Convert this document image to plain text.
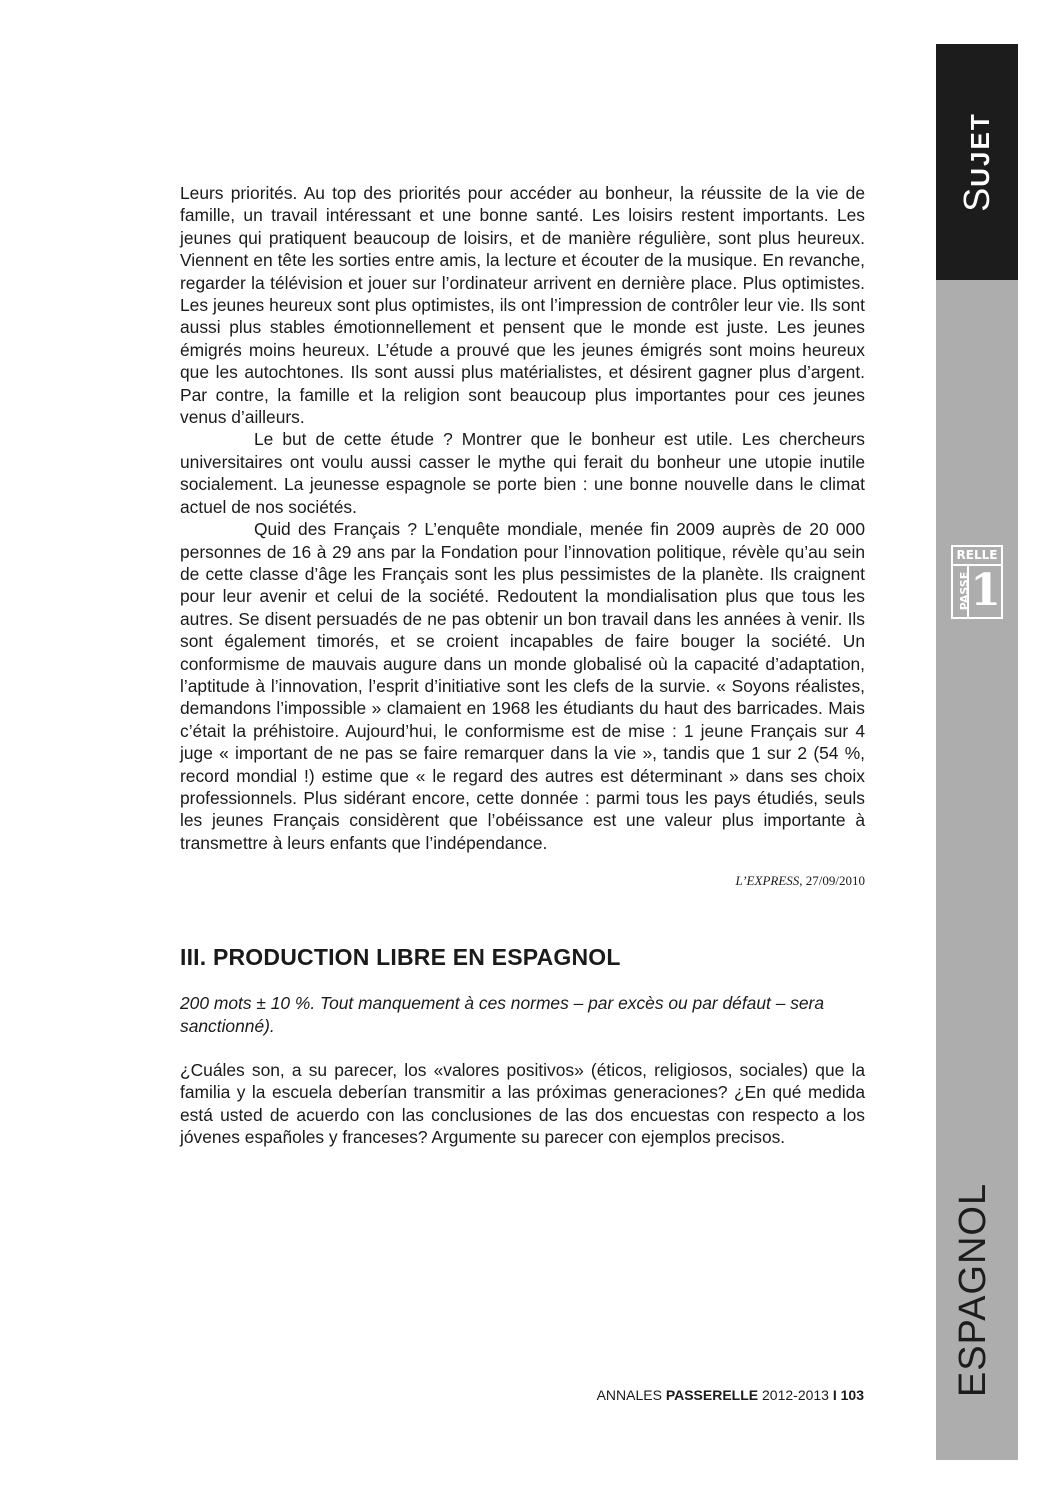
SUJET
RELLE
PASSE 1
ESPAGNOL

Leurs priorités. Au top des priorités pour accéder au bonheur, la réussite de la vie de famille, un travail intéressant et une bonne santé. Les loisirs restent importants. Les jeunes qui pratiquent beaucoup de loisirs, et de manière régulière, sont plus heureux. Viennent en tête les sorties entre amis, la lecture et écouter de la musique. En revanche, regarder la télévision et jouer sur l’ordinateur arrivent en dernière place. Plus optimistes. Les jeunes heureux sont plus optimistes, ils ont l’impression de contrôler leur vie. Ils sont aussi plus stables émotionnellement et pensent que le monde est juste. Les jeunes émigrés moins heureux. L’étude a prouvé que les jeunes émigrés sont moins heureux que les autochtones. Ils sont aussi plus matérialistes, et désirent gagner plus d’argent. Par contre, la famille et la religion sont beaucoup plus importantes pour ces jeunes venus d’ailleurs.

Le but de cette étude ? Montrer que le bonheur est utile. Les chercheurs universitaires ont voulu aussi casser le mythe qui ferait du bonheur une utopie inutile socialement. La jeunesse espagnole se porte bien : une bonne nouvelle dans le climat actuel de nos sociétés.

Quid des Français ? L’enquête mondiale, menée fin 2009 auprès de 20 000 personnes de 16 à 29 ans par la Fondation pour l’innovation politique, révèle qu’au sein de cette classe d’âge les Français sont les plus pessimistes de la planète. Ils craignent pour leur avenir et celui de la société. Redoutent la mondialisation plus que tous les autres. Se disent persuadés de ne pas obtenir un bon travail dans les années à venir. Ils sont également timorés, et se croient incapables de faire bouger la société. Un conformisme de mauvais augure dans un monde globalisé où la capacité d’adaptation, l’aptitude à l’innovation, l’esprit d’initiative sont les clefs de la survie. « Soyons réalistes, demandons l’impossible » clamaient en 1968 les étudiants du haut des barricades. Mais c’était la préhistoire. Aujourd’hui, le conformisme est de mise : 1 jeune Français sur 4 juge « important de ne pas se faire remarquer dans la vie », tandis que 1 sur 2 (54 %, record mondial !) estime que « le regard des autres est déterminant » dans ses choix professionnels. Plus sidérant encore, cette donnée : parmi tous les pays étudiés, seuls les jeunes Français considèrent que l’obéissance est une valeur plus importante à transmettre à leurs enfants que l’indépendance.

L’EXPRESS, 27/09/2010

III. PRODUCTION LIBRE EN ESPAGNOL

200 mots ± 10 %. Tout manquement à ces normes – par excès ou par défaut – sera sanctionné).

¿Cuáles son, a su parecer, los «valores positivos» (éticos, religiosos, sociales) que la familia y la escuela deberían transmitir a las próximas generaciones? ¿En qué medida está usted de acuerdo con las conclusiones de las dos encuestas con respecto a los jóvenes españoles y franceses? Argumente su parecer con ejemplos precisos.

ANNALES PASSERELLE 2012-2013 I 103
